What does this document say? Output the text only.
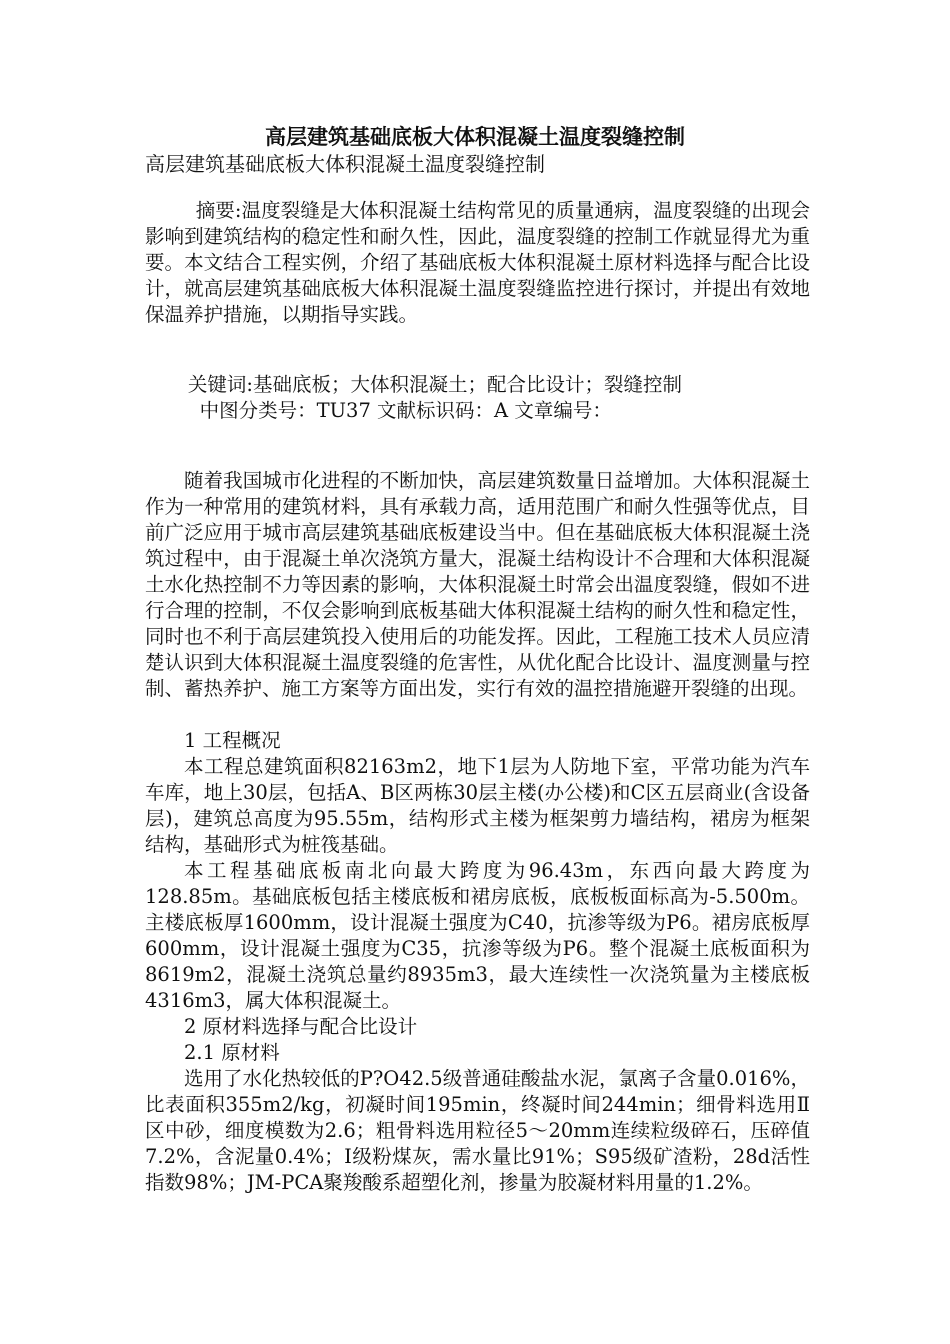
高层建筑基础底板大体积混凝土温度裂缝控制
高层建筑基础底板大体积混凝土温度裂缝控制

摘要:温度裂缝是大体积混凝土结构常见的质量通病，温度裂缝的出现会影响到建筑结构的稳定性和耐久性，因此，温度裂缝的控制工作就显得尤为重要。本文结合工程实例，介绍了基础底板大体积混凝土原材料选择与配合比设计，就高层建筑基础底板大体积混凝土温度裂缝监控进行探讨，并提出有效地保温养护措施，以期指导实践。

关键词:基础底板；大体积混凝土；配合比设计；裂缝控制

中图分类号：TU37 文献标识码：A 文章编号：

随着我国城市化进程的不断加快，高层建筑数量日益增加。大体积混凝土作为一种常用的建筑材料，具有承载力高，适用范围广和耐久性强等优点，目前广泛应用于城市高层建筑基础底板建设当中。但在基础底板大体积混凝土浇筑过程中，由于混凝土单次浇筑方量大，混凝土结构设计不合理和大体积混凝土水化热控制不力等因素的影响，大体积混凝土时常会出温度裂缝，假如不进行合理的控制，不仅会影响到底板基础大体积混凝土结构的耐久性和稳定性，同时也不利于高层建筑投入使用后的功能发挥。因此，工程施工技术人员应清楚认识到大体积混凝土温度裂缝的危害性，从优化配合比设计、温度测量与控制、蓄热养护、施工方案等方面出发，实行有效的温控措施避开裂缝的出现。

1 工程概况

本工程总建筑面积82163m2，地下1层为人防地下室，平常功能为汽车车库，地上30层，包括A、B区两栋30层主楼(办公楼)和C区五层商业(含设备层)，建筑总高度为95.55m，结构形式主楼为框架剪力墙结构，裙房为框架结构，基础形式为桩筏基础。

本工程基础底板南北向最大跨度为96.43m，东西向最大跨度为128.85m。基础底板包括主楼底板和裙房底板，底板板面标高为-5.500m。主楼底板厚1600mm，设计混凝土强度为C40，抗渗等级为P6。裙房底板厚600mm，设计混凝土强度为C35，抗渗等级为P6。整个混凝土底板面积为8619m2，混凝土浇筑总量约8935m3，最大连续性一次浇筑量为主楼底板4316m3，属大体积混凝土。

2 原材料选择与配合比设计

2.1 原材料

选用了水化热较低的P?O42.5级普通硅酸盐水泥，氯离子含量0.016%，比表面积355m2/kg，初凝时间195min，终凝时间244min；细骨料选用Ⅱ区中砂，细度模数为2.6；粗骨料选用粒径5～20mm连续粒级碎石，压碎值7.2%，含泥量0.4%；Ⅰ级粉煤灰，需水量比91%；S95级矿渣粉，28d活性指数98%；JM-PCA聚羧酸系超塑化剂，掺量为胶凝材料用量的1.2%。
